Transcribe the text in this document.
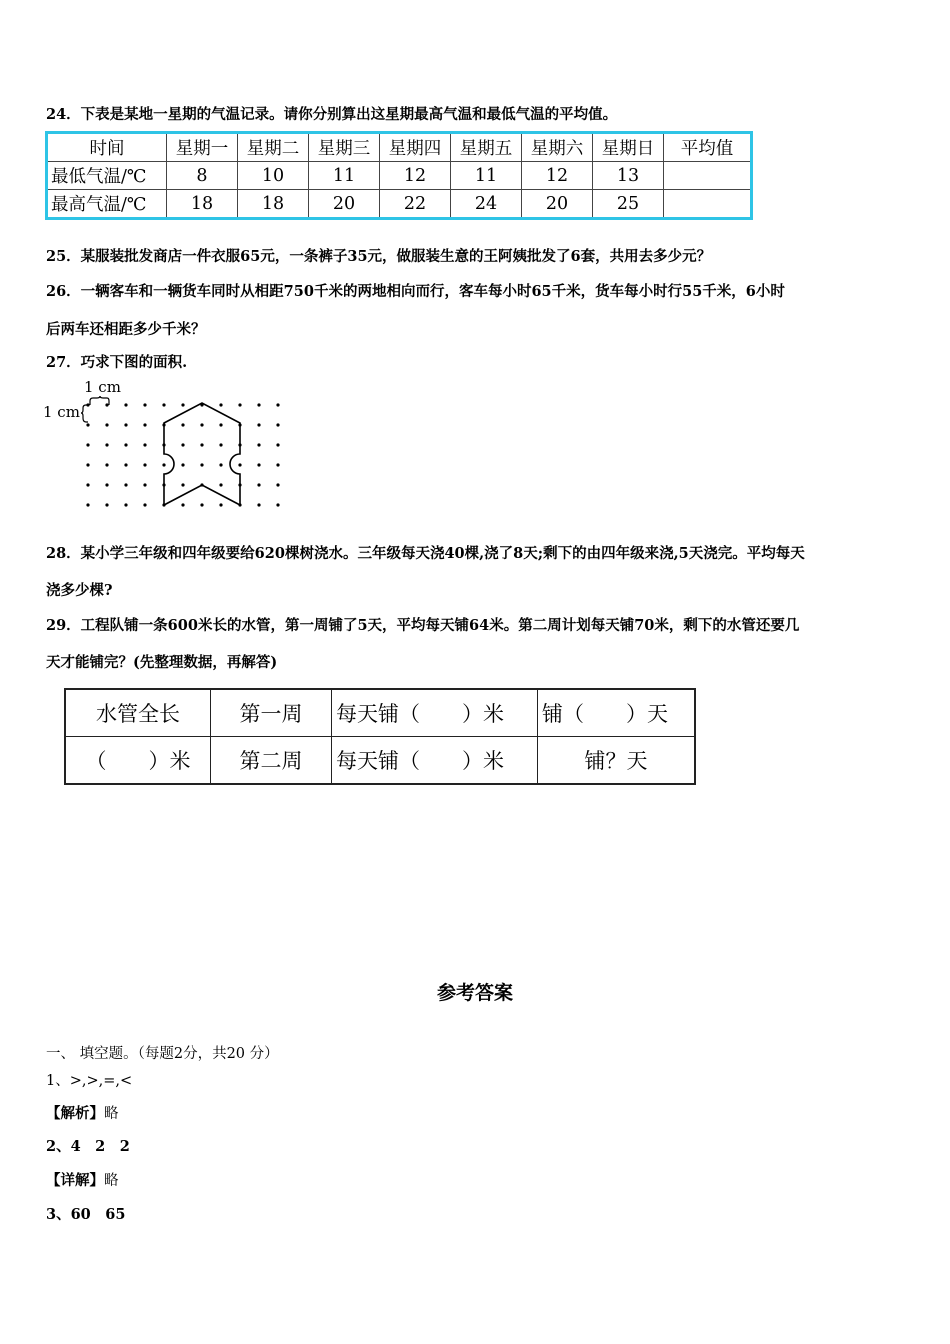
24．下表是某地一星期的气温记录。请你分别算出这星期最高气温和最低气温的平均值。
时间	星期一	星期二	星期三	星期四	星期五	星期六	星期日	平均值
最低气温/℃	8	10	11	12	11	12	13	
最高气温/℃	18	18	20	22	24	20	25	
25．某服装批发商店一件衣服65元，一条裤子35元，做服装生意的王阿姨批发了6套，共用去多少元？
26．一辆客车和一辆货车同时从相距750千米的两地相向而行，客车每小时65千米，货车每小时行55千米，6小时
后两车还相距多少千米？
27．巧求下图的面积.
1 cm
1 cm
28．某小学三年级和四年级要给620棵树浇水。三年级每天浇40棵,浇了8天;剩下的由四年级来浇,5天浇完。平均每天
浇多少棵?
29．工程队铺一条600米长的水管，第一周铺了5天，平均每天铺64米。第二周计划每天铺70米，剩下的水管还要几
天才能铺完？(先整理数据，再解答)
水管全长	第一周	每天铺（　　）米	铺（　　）天
（　　）米	第二周	每天铺（　　）米	铺？天
参考答案
一、 填空题。（每题2分，共20 分）
1、>,>,=,<
【解析】略
2、4　2　2
【详解】略
3、60　65
